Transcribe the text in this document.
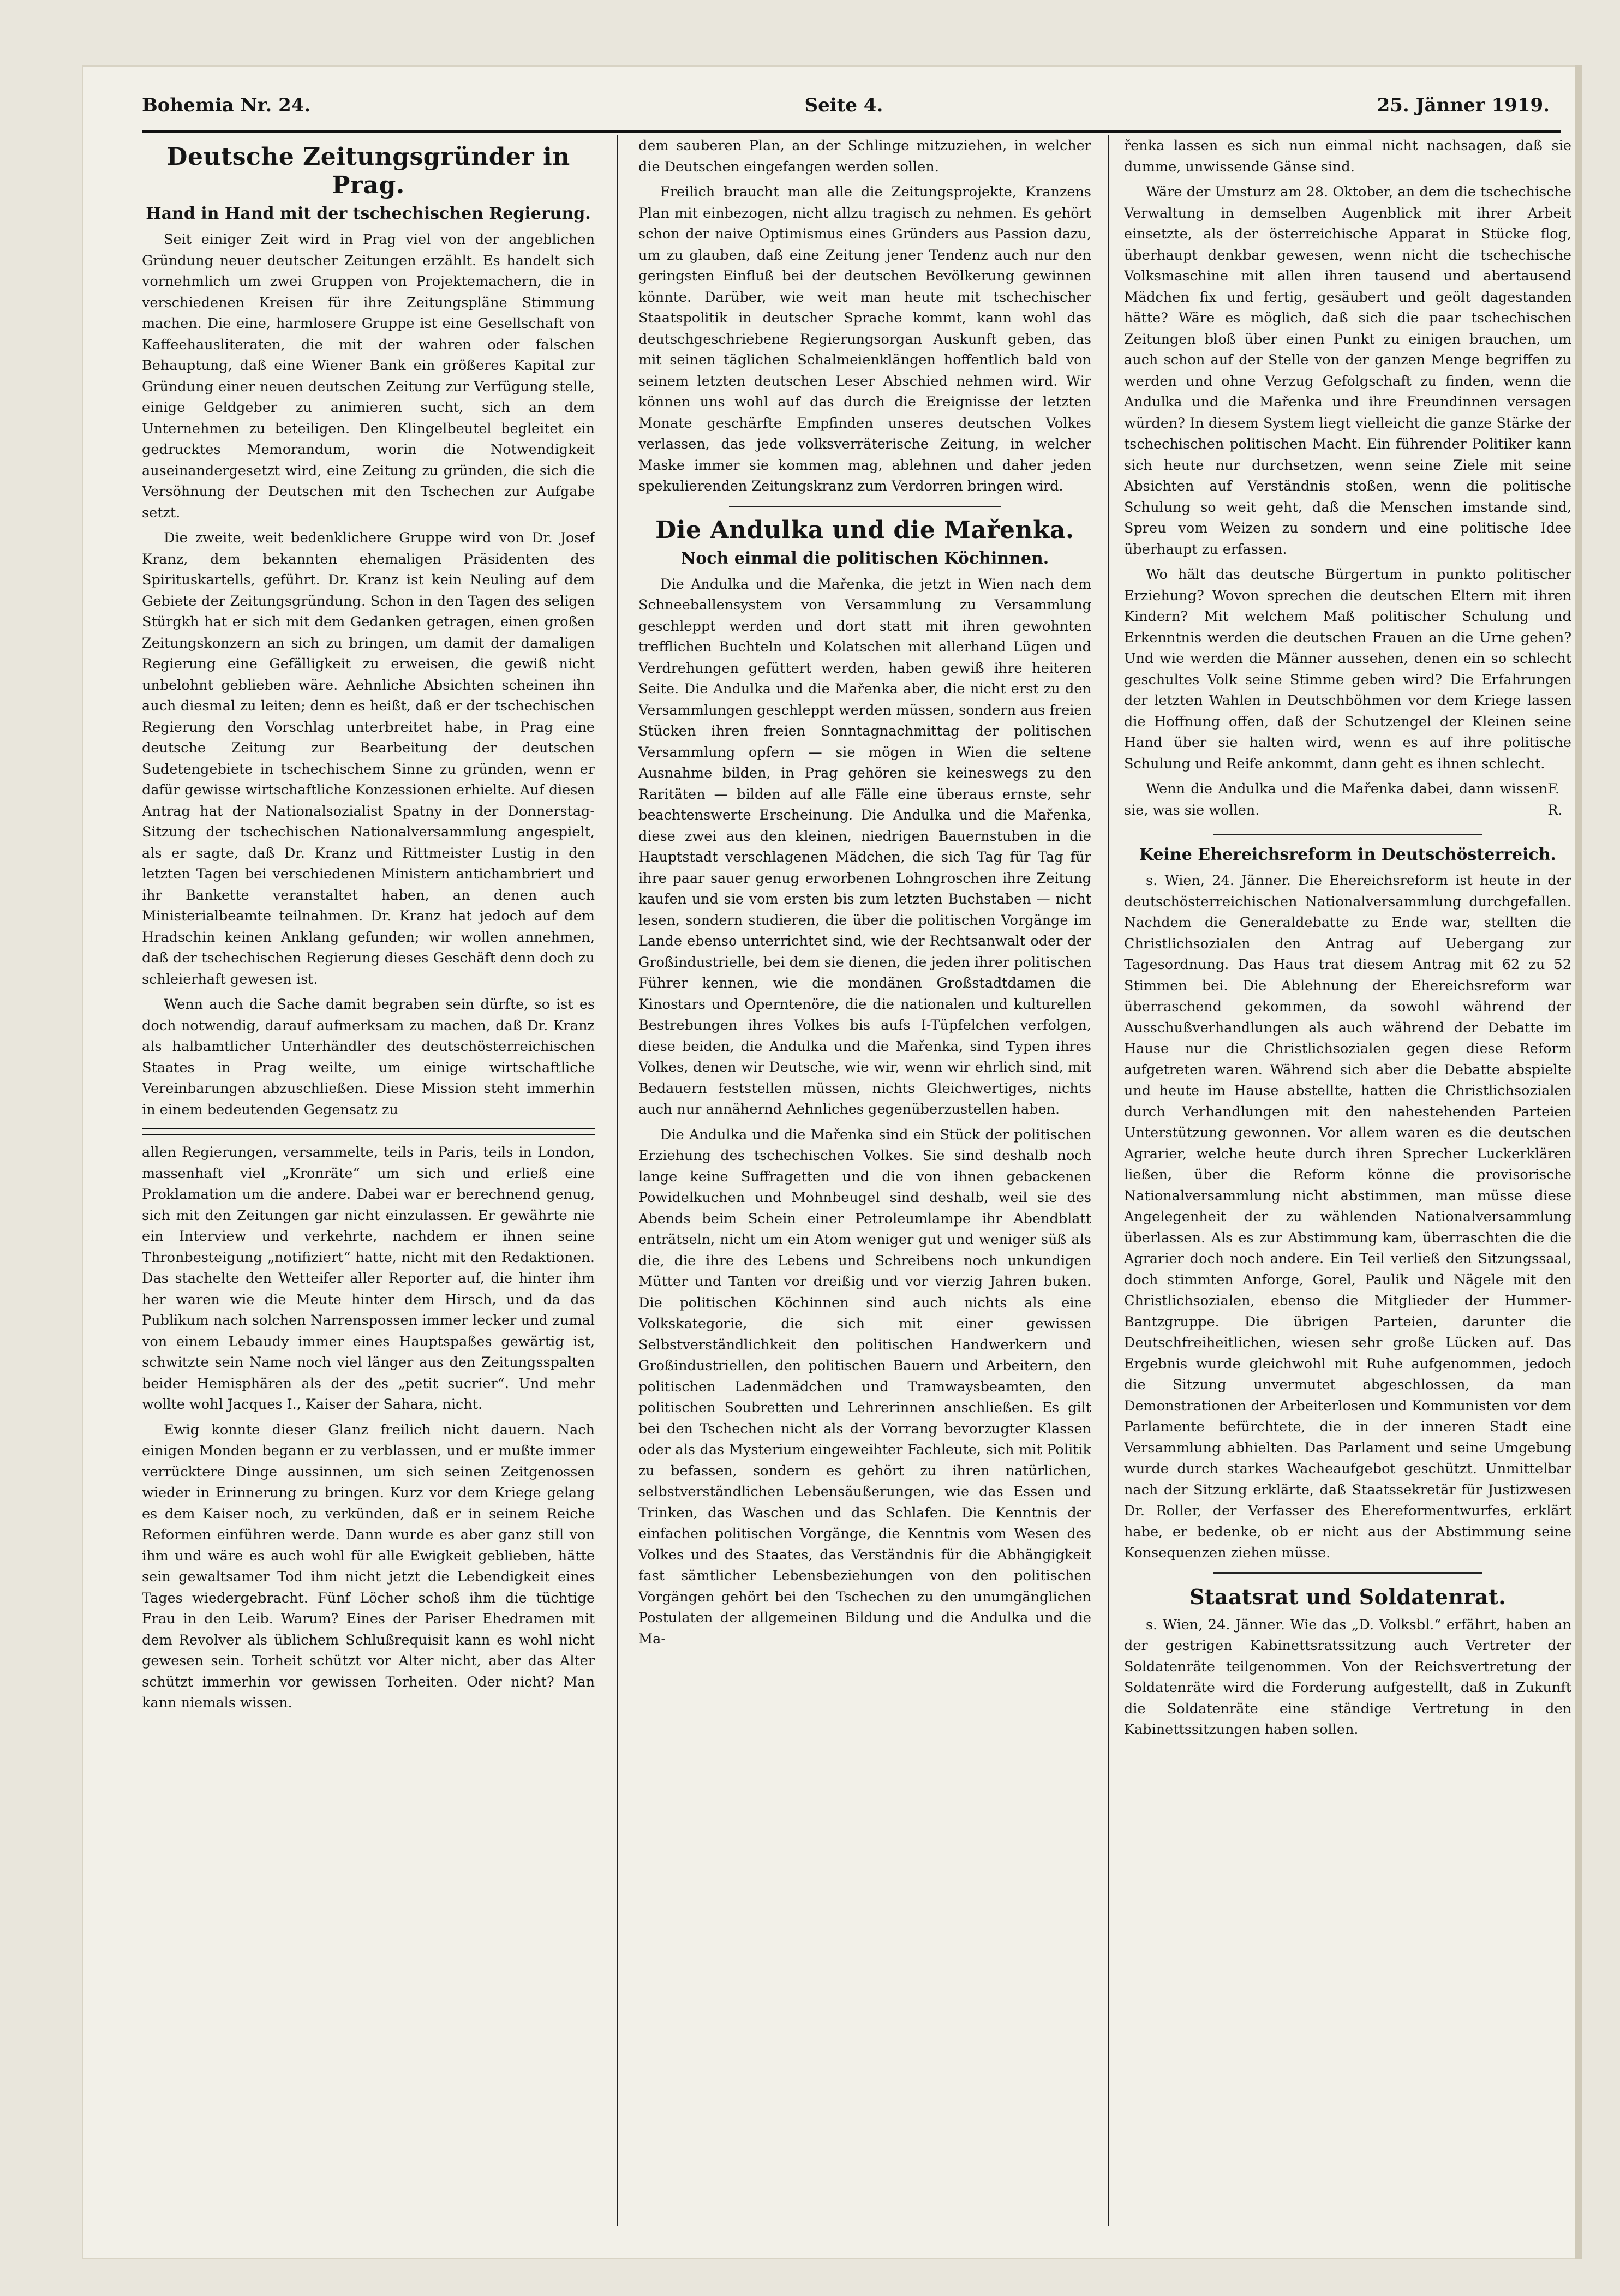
Bohemia Nr. 24.	Seite 4.	25. Jänner 1919.
Deutsche Zeitungsgründer in Prag.
Hand in Hand mit der tschechischen Regierung.

Seit einiger Zeit wird in Prag viel von der angeblichen Gründung neuer deutscher Zeitungen erzählt. Es handelt sich vornehmlich um zwei Gruppen von Projektemachern, die in verschiedenen Kreisen für ihre Zeitungspläne Stimmung machen. Die eine, harmlosere Gruppe ist eine Gesellschaft von Kaffeehausliteraten, die mit der wahren oder falschen Behauptung, daß eine Wiener Bank ein größeres Kapital zur Gründung einer neuen deutschen Zeitung zur Verfügung stelle, einige Geldgeber zu animieren sucht, sich an dem Unternehmen zu beteiligen. Den Klingelbeutel begleitet ein gedrucktes Memorandum, worin die Notwendigkeit auseinandergesetzt wird, eine Zeitung zu gründen, die sich die Versöhnung der Deutschen mit den Tschechen zur Aufgabe setzt.

Die zweite, weit bedenklichere Gruppe wird von Dr. Josef Kranz, dem bekannten ehemaligen Präsidenten des Spirituskartells, geführt. Dr. Kranz ist kein Neuling auf dem Gebiete der Zeitungsgründung. Schon in den Tagen des seligen Stürgkh hat er sich mit dem Gedanken getragen, einen großen Zeitungskonzern an sich zu bringen, um damit der damaligen Regierung eine Gefälligkeit zu erweisen, die gewiß nicht unbelohnt geblieben wäre. Aehnliche Absichten scheinen ihn auch diesmal zu leiten; denn es heißt, daß er der tschechischen Regierung den Vorschlag unterbreitet habe, in Prag eine deutsche Zeitung zur Bearbeitung der deutschen Sudetengebiete in tschechischem Sinne zu gründen, wenn er dafür gewisse wirtschaftliche Konzessionen erhielte. Auf diesen Antrag hat der Nationalsozialist Spatny in der Donnerstag-Sitzung der tschechischen Nationalversammlung angespielt, als er sagte, daß Dr. Kranz und Rittmeister Lustig in den letzten Tagen bei verschiedenen Ministern antichambriert und ihr Bankette veranstaltet haben, an denen auch Ministerialbeamte teilnahmen. Dr. Kranz hat jedoch auf dem Hradschin keinen Anklang gefunden; wir wollen annehmen, daß der tschechischen Regierung dieses Geschäft denn doch zu schleierhaft gewesen ist.

Wenn auch die Sache damit begraben sein dürfte, so ist es doch notwendig, darauf aufmerksam zu machen, daß Dr. Kranz als halbamtlicher Unterhändler des deutschösterreichischen Staates in Prag weilte, um einige wirtschaftliche Vereinbarungen abzuschließen. Diese Mission steht immerhin in einem bedeutenden Gegensatz zu

allen Regierungen, versammelte, teils in Paris, teils in London, massenhaft viel „Kronräte“ um sich und erließ eine Proklamation um die andere. Dabei war er berechnend genug, sich mit den Zeitungen gar nicht einzulassen. Er gewährte nie ein Interview und verkehrte, nachdem er ihnen seine Thronbesteigung „notifiziert“ hatte, nicht mit den Redaktionen. Das stachelte den Wetteifer aller Reporter auf, die hinter ihm her waren wie die Meute hinter dem Hirsch, und da das Publikum nach solchen Narrenspossen immer lecker und zumal von einem Lebaudy immer eines Hauptspaßes gewärtig ist, schwitzte sein Name noch viel länger aus den Zeitungsspalten beider Hemisphären als der des „petit sucrier“. Und mehr wollte wohl Jacques I., Kaiser der Sahara, nicht.

Ewig konnte dieser Glanz freilich nicht dauern. Nach einigen Monden begann er zu verblassen, und er mußte immer verrücktere Dinge aussinnen, um sich seinen Zeitgenossen wieder in Erinnerung zu bringen. Kurz vor dem Kriege gelang es dem Kaiser noch, zu verkünden, daß er in seinem Reiche Reformen einführen werde. Dann wurde es aber ganz still von ihm und wäre es auch wohl für alle Ewigkeit geblieben, hätte sein gewaltsamer Tod ihm nicht jetzt die Lebendigkeit eines Tages wiedergebracht. Fünf Löcher schoß ihm die tüchtige Frau in den Leib. Warum? Eines der Pariser Ehedramen mit dem Revolver als üblichem Schlußrequisit kann es wohl nicht gewesen sein. Torheit schützt vor Alter nicht, aber das Alter schützt immerhin vor gewissen Torheiten. Oder nicht? Man kann niemals wissen.

dem sauberen Plan, an der Schlinge mitzuziehen, in welcher die Deutschen eingefangen werden sollen.

Freilich braucht man alle die Zeitungsprojekte, Kranzens Plan mit einbezogen, nicht allzu tragisch zu nehmen. Es gehört schon der naive Optimismus eines Gründers aus Passion dazu, um zu glauben, daß eine Zeitung jener Tendenz auch nur den geringsten Einfluß bei der deutschen Bevölkerung gewinnen könnte. Darüber, wie weit man heute mit tschechischer Staatspolitik in deutscher Sprache kommt, kann wohl das deutschgeschriebene Regierungsorgan Auskunft geben, das mit seinen täglichen Schalmeienklängen hoffentlich bald von seinem letzten deutschen Leser Abschied nehmen wird. Wir können uns wohl auf das durch die Ereignisse der letzten Monate geschärfte Empfinden unseres deutschen Volkes verlassen, das jede volksverräterische Zeitung, in welcher Maske immer sie kommen mag, ablehnen und daher jeden spekulierenden Zeitungskranz zum Verdorren bringen wird.

Die Andulka und die Mařenka.
Noch einmal die politischen Köchinnen.

Die Andulka und die Mařenka, die jetzt in Wien nach dem Schneeballensystem von Versammlung zu Versammlung geschleppt werden und dort statt mit ihren gewohnten trefflichen Buchteln und Kolatschen mit allerhand Lügen und Verdrehungen gefüttert werden, haben gewiß ihre heiteren Seite. Die Andulka und die Mařenka aber, die nicht erst zu den Versammlungen geschleppt werden müssen, sondern aus freien Stücken ihren freien Sonntagnachmittag der politischen Versammlung opfern — sie mögen in Wien die seltene Ausnahme bilden, in Prag gehören sie keineswegs zu den Raritäten — bilden auf alle Fälle eine überaus ernste, sehr beachtenswerte Erscheinung. Die Andulka und die Mařenka, diese zwei aus den kleinen, niedrigen Bauernstuben in die Hauptstadt verschlagenen Mädchen, die sich Tag für Tag für ihre paar sauer genug erworbenen Lohngroschen ihre Zeitung kaufen und sie vom ersten bis zum letzten Buchstaben — nicht lesen, sondern studieren, die über die politischen Vorgänge im Lande ebenso unterrichtet sind, wie der Rechtsanwalt oder der Großindustrielle, bei dem sie dienen, die jeden ihrer politischen Führer kennen, wie die mondänen Großstadtdamen die Kinostars und Operntenöre, die die nationalen und kulturellen Bestrebungen ihres Volkes bis aufs I-Tüpfelchen verfolgen, diese beiden, die Andulka und die Mařenka, sind Typen ihres Volkes, denen wir Deutsche, wie wir, wenn wir ehrlich sind, mit Bedauern feststellen müssen, nichts Gleichwertiges, nichts auch nur annähernd Aehnliches gegenüberzustellen haben.

Die Andulka und die Mařenka sind ein Stück der politischen Erziehung des tschechischen Volkes. Sie sind deshalb noch lange keine Suffragetten und die von ihnen gebackenen Powidelkuchen und Mohnbeugel sind deshalb, weil sie des Abends beim Schein einer Petroleumlampe ihr Abendblatt enträtseln, nicht um ein Atom weniger gut und weniger süß als die, die ihre des Lebens und Schreibens noch unkundigen Mütter und Tanten vor dreißig und vor vierzig Jahren buken. Die politischen Köchinnen sind auch nichts als eine Volkskategorie, die sich mit einer gewissen Selbstverständlichkeit den politischen Handwerkern und Großindustriellen, den politischen Bauern und Arbeitern, den politischen Ladenmädchen und Tramwaysbeamten, den politischen Soubretten und Lehrerinnen anschließen. Es gilt bei den Tschechen nicht als der Vorrang bevorzugter Klassen oder als das Mysterium eingeweihter Fachleute, sich mit Politik zu befassen, sondern es gehört zu ihren natürlichen, selbstverständlichen Lebensäußerungen, wie das Essen und Trinken, das Waschen und das Schlafen. Die Kenntnis der einfachen politischen Vorgänge, die Kenntnis vom Wesen des Volkes und des Staates, das Verständnis für die Abhängigkeit fast sämtlicher Lebensbeziehungen von den politischen Vorgängen gehört bei den Tschechen zu den unumgänglichen Postulaten der allgemeinen Bildung und die Andulka und die Ma-

řenka lassen es sich nun einmal nicht nachsagen, daß sie dumme, unwissende Gänse sind.

Wäre der Umsturz am 28. Oktober, an dem die tschechische Verwaltung in demselben Augenblick mit ihrer Arbeit einsetzte, als der österreichische Apparat in Stücke flog, überhaupt denkbar gewesen, wenn nicht die tschechische Volksmaschine mit allen ihren tausend und abertausend Mädchen fix und fertig, gesäubert und geölt dagestanden hätte? Wäre es möglich, daß sich die paar tschechischen Zeitungen bloß über einen Punkt zu einigen brauchen, um auch schon auf der Stelle von der ganzen Menge begriffen zu werden und ohne Verzug Gefolgschaft zu finden, wenn die Andulka und die Mařenka und ihre Freundinnen versagen würden? In diesem System liegt vielleicht die ganze Stärke der tschechischen politischen Macht. Ein führender Politiker kann sich heute nur durchsetzen, wenn seine Ziele mit seine Absichten auf Verständnis stoßen, wenn die politische Schulung so weit geht, daß die Menschen imstande sind, Spreu vom Weizen zu sondern und eine politische Idee überhaupt zu erfassen.

Wo hält das deutsche Bürgertum in punkto politischer Erziehung? Wovon sprechen die deutschen Eltern mit ihren Kindern? Mit welchem Maß politischer Schulung und Erkenntnis werden die deutschen Frauen an die Urne gehen? Und wie werden die Männer aussehen, denen ein so schlecht geschultes Volk seine Stimme geben wird? Die Erfahrungen der letzten Wahlen in Deutschböhmen vor dem Kriege lassen die Hoffnung offen, daß der Schutzengel der Kleinen seine Hand über sie halten wird, wenn es auf ihre politische Schulung und Reife ankommt, dann geht es ihnen schlecht.

Wenn die Andulka und die Mařenka dabei, dann wissen sie, was sie wollen.

F. R.
Keine Ehereichsreform in Deutschösterreich.

s. Wien, 24. Jänner. Die Ehereichsreform ist heute in der deutschösterreichischen Nationalversammlung durchgefallen. Nachdem die Generaldebatte zu Ende war, stellten die Christlichsozialen den Antrag auf Uebergang zur Tagesordnung. Das Haus trat diesem Antrag mit 62 zu 52 Stimmen bei. Die Ablehnung der Ehereichsreform war überraschend gekommen, da sowohl während der Ausschußverhandlungen als auch während der Debatte im Hause nur die Christlichsozialen gegen diese Reform aufgetreten waren. Während sich aber die Debatte abspielte und heute im Hause abstellte, hatten die Christlichsozialen durch Verhandlungen mit den nahestehenden Parteien Unterstützung gewonnen. Vor allem waren es die deutschen Agrarier, welche heute durch ihren Sprecher Luckerklären ließen, über die Reform könne die provisorische Nationalversammlung nicht abstimmen, man müsse diese Angelegenheit der zu wählenden Nationalversammlung überlassen. Als es zur Abstimmung kam, überraschten die die Agrarier doch noch andere. Ein Teil verließ den Sitzungssaal, doch stimmten Anforge, Gorel, Paulik und Nägele mit den Christlichsozialen, ebenso die Mitglieder der Hummer-Bantzgruppe. Die übrigen Parteien, darunter die Deutschfreiheitlichen, wiesen sehr große Lücken auf. Das Ergebnis wurde gleichwohl mit Ruhe aufgenommen, jedoch die Sitzung unvermutet abgeschlossen, da man Demonstrationen der Arbeiterlosen und Kommunisten vor dem Parlamente befürchtete, die in der inneren Stadt eine Versammlung abhielten. Das Parlament und seine Umgebung wurde durch starkes Wacheaufgebot geschützt. Unmittelbar nach der Sitzung erklärte, daß Staatssekretär für Justizwesen Dr. Roller, der Verfasser des Ehereformentwurfes, erklärt habe, er bedenke, ob er nicht aus der Abstimmung seine Konsequenzen ziehen müsse.

Staatsrat und Soldatenrat.

s. Wien, 24. Jänner. Wie das „D. Volksbl.“ erfährt, haben an der gestrigen Kabinettsratssitzung auch Vertreter der Soldatenräte teilgenommen. Von der Reichsvertretung der Soldatenräte wird die Forderung aufgestellt, daß in Zukunft die Soldatenräte eine ständige Vertretung in den Kabinettssitzungen haben sollen.
